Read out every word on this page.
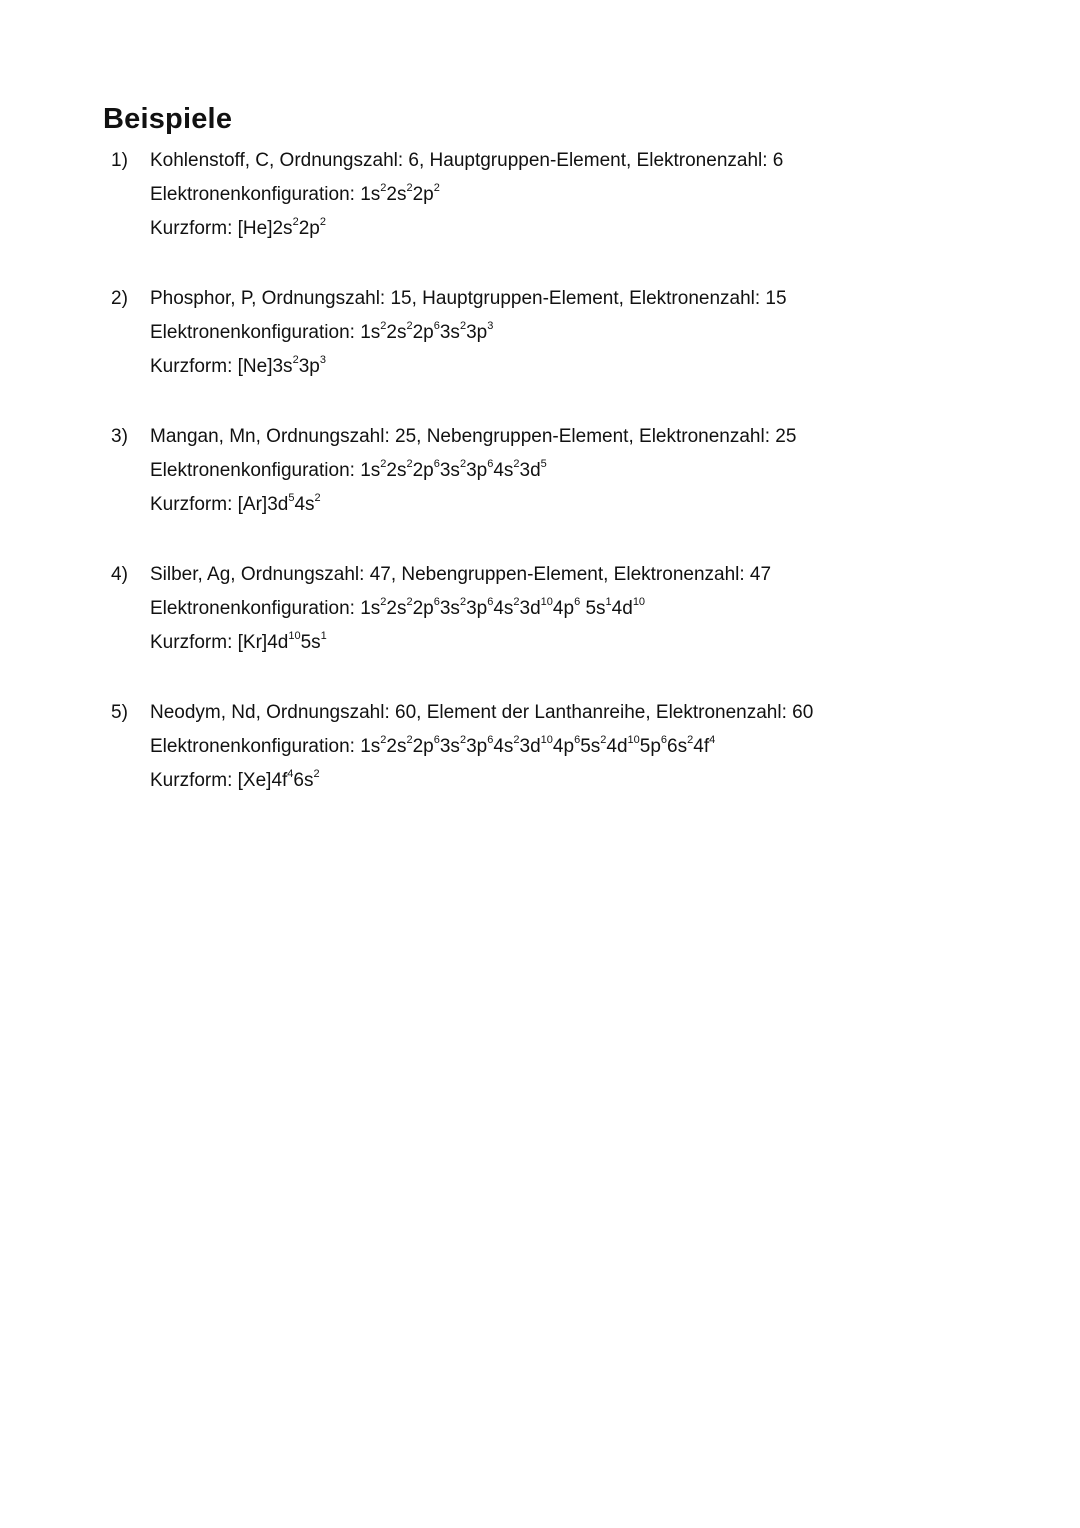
Beispiele
1) Kohlenstoff, C, Ordnungszahl: 6, Hauptgruppen-Element, Elektronenzahl: 6
Elektronenkonfiguration: $1s^22s^22p^2$
Kurzform: $[He]2s^22p^2$
2) Phosphor, P, Ordnungszahl: 15, Hauptgruppen-Element, Elektronenzahl: 15
Elektronenkonfiguration: $1s^22s^22p^63s^23p^3$
Kurzform: $[Ne]3s^23p^3$
3) Mangan, Mn, Ordnungszahl: 25, Nebengruppen-Element, Elektronenzahl: 25
Elektronenkonfiguration: $1s^22s^22p^63s^23p^64s^23d^5$
Kurzform: $[Ar]3d^54s^2$
4) Silber, Ag, Ordnungszahl: 47, Nebengruppen-Element, Elektronenzahl: 47
Elektronenkonfiguration: $1s^22s^22p^63s^23p^64s^23d^{10}4p^6$ $5s^14d^{10}$
Kurzform: $[Kr]4d^{10}5s^1$
5) Neodym, Nd, Ordnungszahl: 60, Element der Lanthanreihe, Elektronenzahl: 60
Elektronenkonfiguration: $1s^22s^22p^63s^23p^64s^23d^{10}4p^65s^24d^{10}5p^66s^24f^4$
Kurzform: $[Xe]4f^46s^2$
